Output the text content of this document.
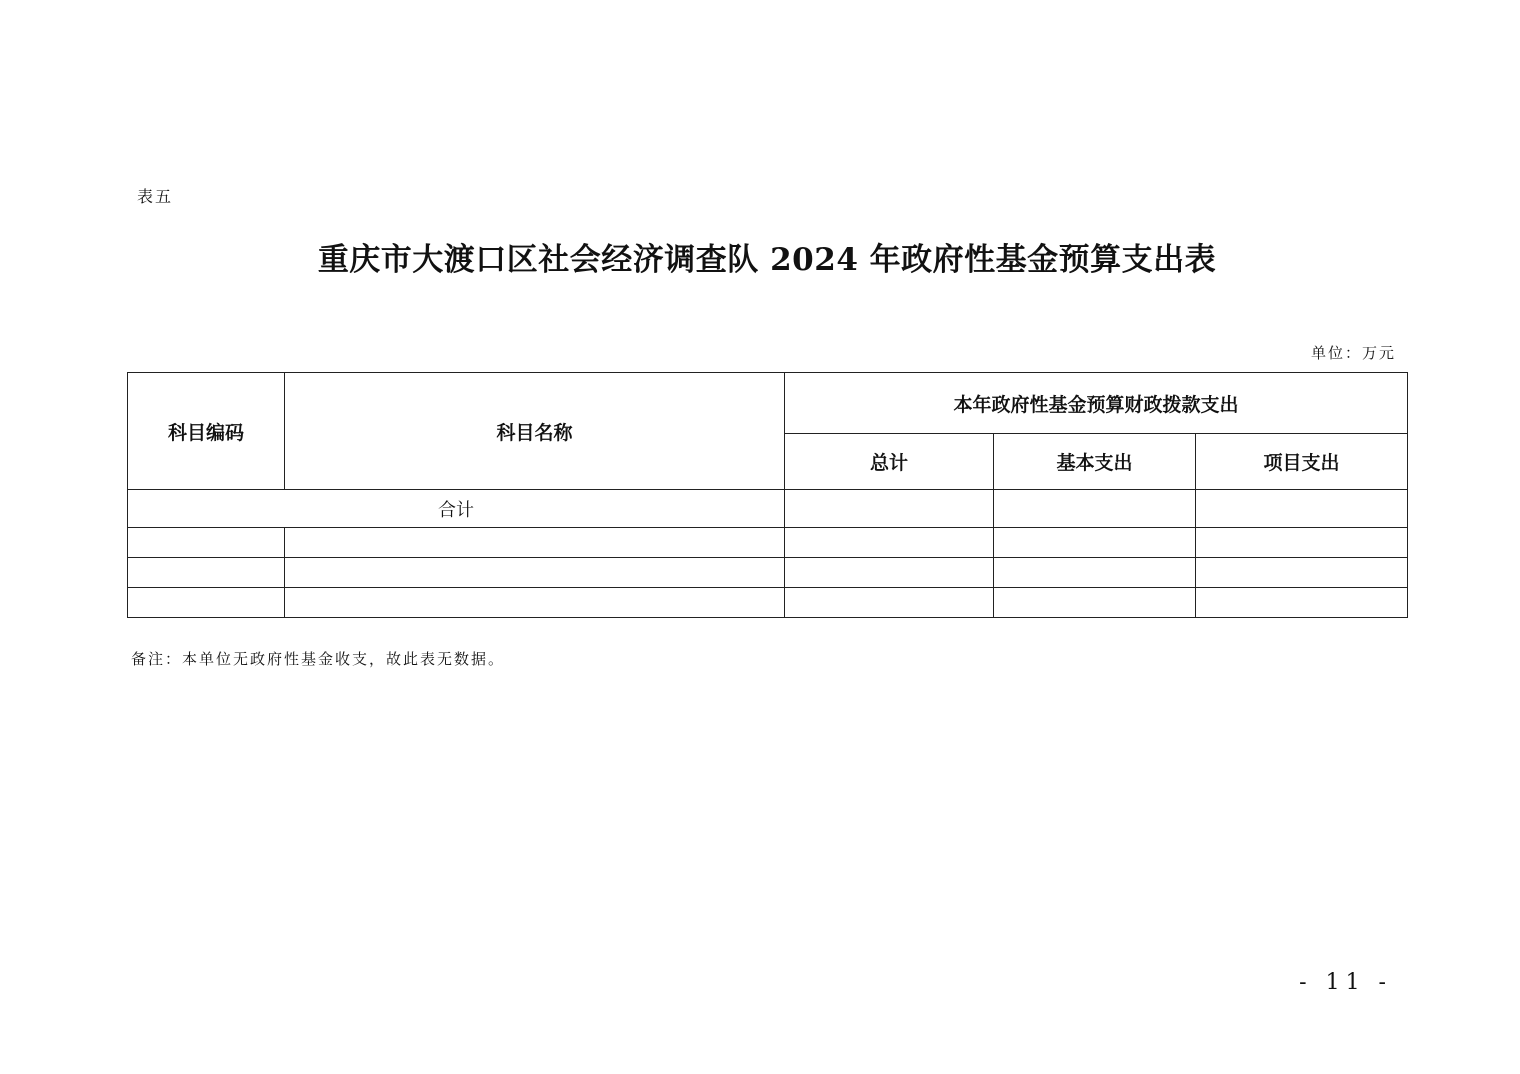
表五
重庆市大渡口区社会经济调查队 2024 年政府性基金预算支出表
单位：万元
科目编码	科目名称	本年政府性基金预算财政拨款支出		
		总计	基本支出	项目支出
合计				

备注：本单位无政府性基金收支，故此表无数据。
- 11 -
